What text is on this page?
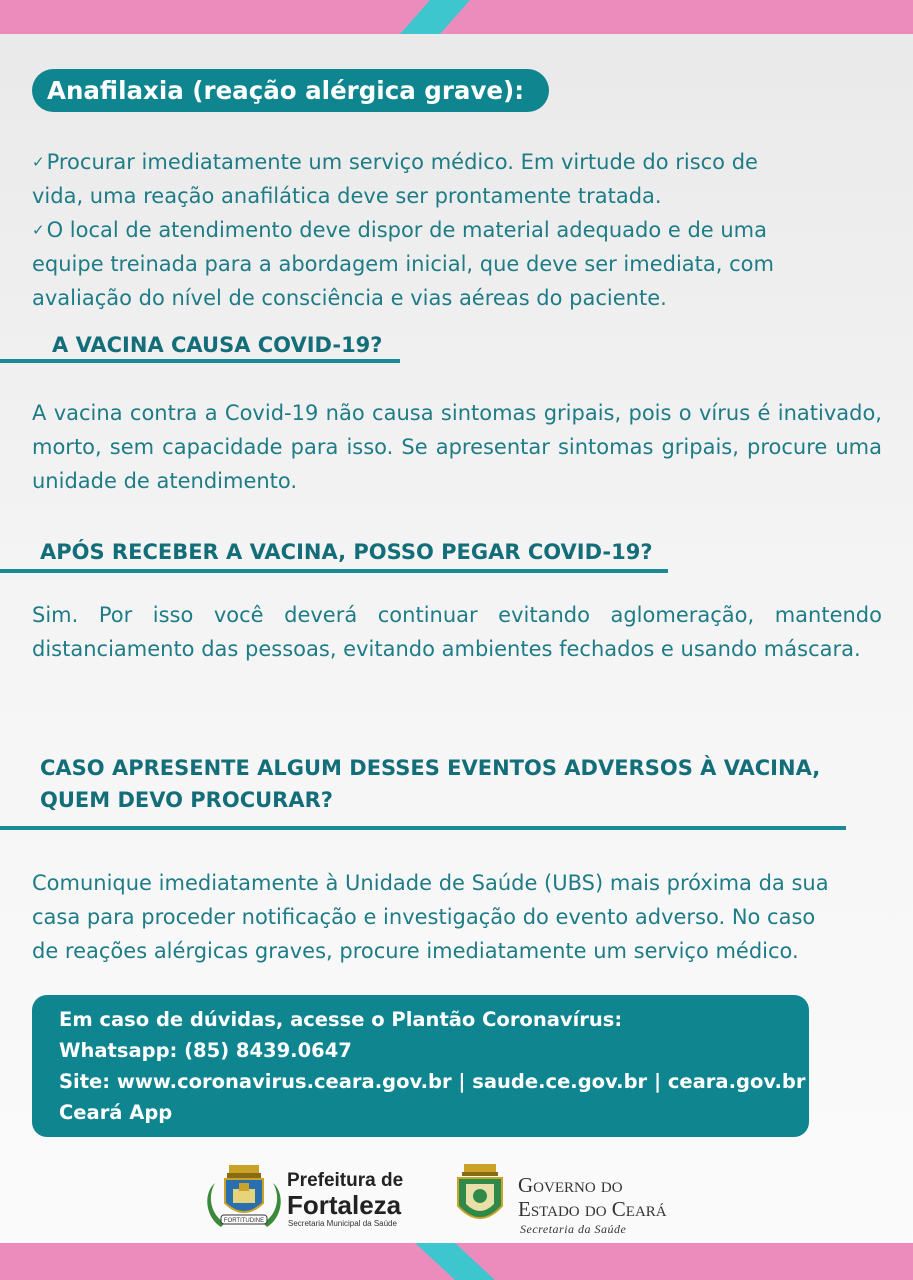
Anafilaxia (reação alérgica grave):
✓Procurar imediatamente um serviço médico. Em virtude do risco de
vida, uma reação anafilática deve ser prontamente tratada.
✓O local de atendimento deve dispor de material adequado e de uma
equipe treinada para a abordagem inicial, que deve ser imediata, com
avaliação do nível de consciência e vias aéreas do paciente.
A VACINA CAUSA COVID-19?
A vacina contra a Covid-19 não causa sintomas gripais, pois o vírus é inativado, morto, sem capacidade para isso. Se apresentar sintomas gripais, procure uma unidade de atendimento.
APÓS RECEBER A VACINA, POSSO PEGAR COVID-19?
Sim. Por isso você deverá continuar evitando aglomeração, mantendo distanciamento das pessoas, evitando ambientes fechados e usando máscara.
CASO APRESENTE ALGUM DESSES EVENTOS ADVERSOS À VACINA,
QUEM DEVO PROCURAR?
Comunique imediatamente à Unidade de Saúde (UBS) mais próxima da sua
casa para proceder notificação e investigação do evento adverso. No caso
de reações alérgicas graves, procure imediatamente um serviço médico.
Em caso de dúvidas, acesse o Plantão Coronavírus:
Whatsapp: (85) 8439.0647
Site: www.coronavirus.ceara.gov.br | saude.ce.gov.br | ceara.gov.br
Ceará App
FORTITUDINE
Prefeitura de
Fortaleza
Secretaria Municipal da Saúde
Governo do
Estado do Ceará
Secretaria da Saúde
